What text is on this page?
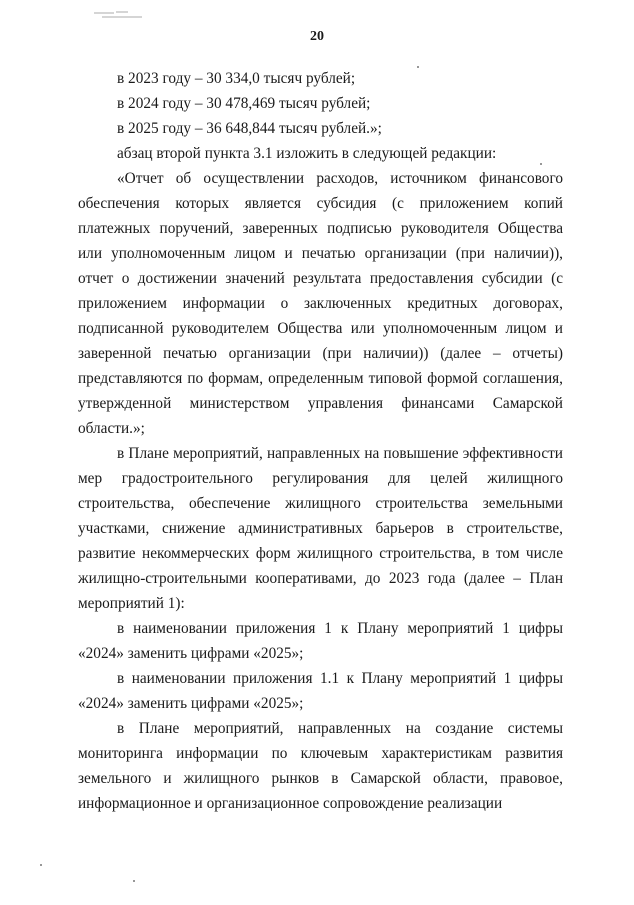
20

в 2023 году – 30 334,0 тысяч рублей;

в 2024 году – 30 478,469 тысяч рублей;

в 2025 году – 36 648,844 тысяч рублей.»;

абзац второй пункта 3.1 изложить в следующей редакции:

«Отчет об осуществлении расходов, источником финансового обеспечения которых является субсидия (с приложением копий платежных поручений, заверенных подписью руководителя Общества или уполномоченным лицом и печатью организации (при наличии)), отчет о достижении значений результата предоставления субсидии (с приложением информации о заключенных кредитных договорах, подписанной руководителем Общества или уполномоченным лицом и заверенной печатью организации (при наличии)) (далее – отчеты) представляются по формам, определенным типовой формой соглашения, утвержденной министерством управления финансами Самарской области.»;

в Плане мероприятий, направленных на повышение эффективности мер градостроительного регулирования для целей жилищного строительства, обеспечение жилищного строительства земельными участками, снижение административных барьеров в строительстве, развитие некоммерческих форм жилищного строительства, в том числе жилищно-строительными кооперативами, до 2023 года (далее – План мероприятий 1):

в наименовании приложения 1 к Плану мероприятий 1 цифры «2024» заменить цифрами «2025»;

в наименовании приложения 1.1 к Плану мероприятий 1 цифры «2024» заменить цифрами «2025»;

в Плане мероприятий, направленных на создание системы мониторинга информации по ключевым характеристикам развития земельного и жилищного рынков в Самарской области, правовое, информационное и организационное сопровождение реализации
